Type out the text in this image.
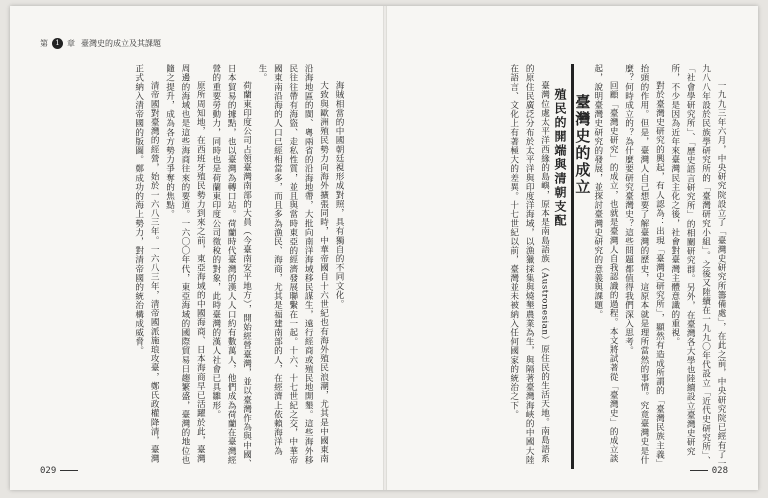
第	1 章 臺灣史的成立及其課題

海賊相當的中國朝廷視形成對照，具有獨自的不同文化。

大致與歐洲殖民勢力向海外擴張同時，中華帝國自十六世紀也有海外殖民浪潮，尤其是中國東南沿海地區的閩、粵兩省的沿海地帶，大批向南洋海域移民謀生，遠行經商或殖民地開墾。這些海外移民往往帶有海盜、走私性質，並且與當時東亞的經濟發展聯繫在一起。十六、十七世紀之交，中華帝國東南沿海的人口已經相當多，而且多為漁民、海商，尤其是福建南部的人，在經濟上依賴海洋為生。

荷蘭東印度公司占領臺灣南部的大員（今臺南安平地方），開始經營臺灣，並以臺灣作為與中國、日本貿易的據點，也以臺灣為轉口站。荷蘭時代臺灣的漢人人口約有數萬人，他們成為荷蘭在臺灣經營的重要勞動力，同時也是荷蘭東印度公司徵稅的對象，此時臺灣的漢人社會已具雛形。

原所周知地，在西班牙殖民勢力到來之前，東亞海域的中國海商、日本海商早已活躍於此，臺灣周邊的海域也是這些海商往來的要道。一六〇〇年代，東亞海域的國際貿易日趨繁盛，臺灣的地位也隨之提升，成為各方勢力爭奪的焦點。

清帝國對臺灣的經營，始於一六八三年。一六八三年，清帝國派施琅攻臺，鄭氏政權降清，臺灣正式納入清帝國的版圖。鄭成功的海上勢力，對清帝國的統治構成威脅。

029

一九九三年六月，中央研究院設立了「臺灣史研究所籌備處」，在此之前，中央研究院已經有了一九八八年設於民族學研究所的「臺灣研究小組」。之後又陸續在一九九〇年代設立「近代史研究所」、「社會學研究所」、「歷史語言研究所」的相關研究群。另外，在臺灣各大學也陸續設立臺灣史研究所，不少是因為近年來臺灣民主化之後，社會對臺灣主體意識的重視。

對於臺灣史研究的興起，有人認為：出現「臺灣史研究所」，顯然有造成所謂的「臺灣民族主義」抬頭的作用。但是，臺灣人自己想要了解臺灣的歷史，這原本就是理所當然的事情。究竟臺灣史是什麼？何時成立的？為什麼要研究臺灣史？這些問題都值得我們深入思考。

回顧「臺灣史研究」的成立，也就是臺灣人自我認識的過程。本文將試著從「臺灣史」的成立談起，說明臺灣史研究的發展，並探討臺灣史研究的意義與課題。

臺灣史的成立

殖民的開端與清朝支配

臺灣位處太平洋西緣的島嶼，原本是南島語族（Austronesian）原住民的生活天地。南島語系的原住民廣泛分布於太平洋與印度洋海域，以漁獵採集與燒墾農業為生，與隔著臺灣海峽的中國大陸在語言、文化上有著極大的差異。十七世紀以前，臺灣並未被納入任何國家的統治之下。

028
